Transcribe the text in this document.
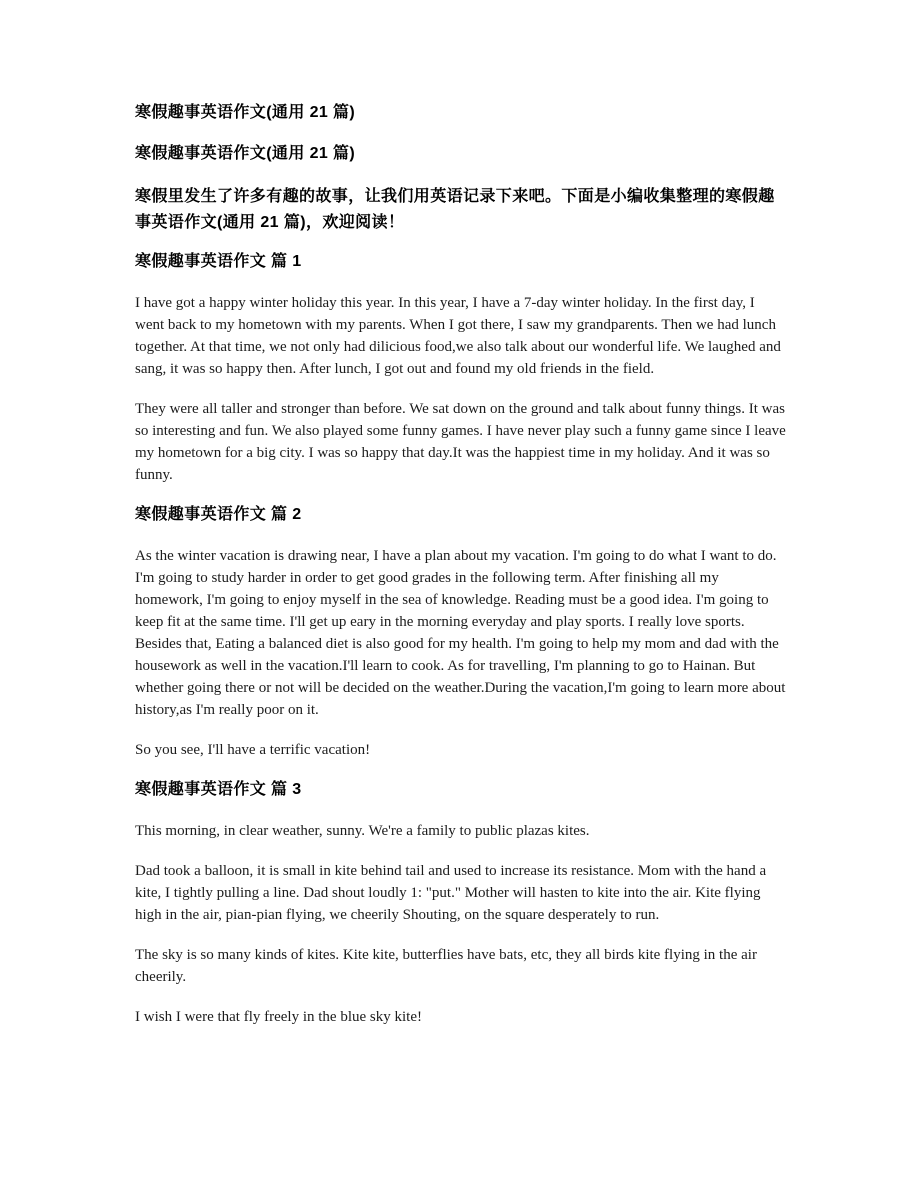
寒假趣事英语作文(通用 21 篇)
寒假趣事英语作文(通用 21 篇)

寒假里发生了许多有趣的故事，让我们用英语记录下来吧。下面是小编收集整理的寒假趣事英语作文(通用 21 篇)，欢迎阅读！

寒假趣事英语作文 篇 1

I have got a happy winter holiday this year. In this year, I have a 7-day winter holiday. In the first day, I went back to my hometown with my parents. When I got there, I saw my grandparents. Then we had lunch together. At that time, we not only had dilicious food,we also talk about our wonderful life. We laughed and sang, it was so happy then. After lunch, I got out and found my old friends in the field.

They were all taller and stronger than before. We sat down on the ground and talk about funny things. It was so interesting and fun. We also played some funny games. I have never play such a funny game since I leave my hometown for a big city. I was so happy that day.It was the happiest time in my holiday. And it was so funny.

寒假趣事英语作文 篇 2

As the winter vacation is drawing near, I have a plan about my vacation. I'm going to do what I want to do. I'm going to study harder in order to get good grades in the following term. After finishing all my homework, I'm going to enjoy myself in the sea of knowledge. Reading must be a good idea. I'm going to keep fit at the same time. I'll get up eary in the morning everyday and play sports. I really love sports. Besides that, Eating a balanced diet is also good for my health. I'm going to help my mom and dad with the housework as well in the vacation.I'll learn to cook. As for travelling, I'm planning to go to Hainan. But whether going there or not will be decided on the weather.During the vacation,I'm going to learn more about history,as I'm really poor on it.

So you see, I'll have a terrific vacation!

寒假趣事英语作文 篇 3

This morning, in clear weather, sunny. We're a family to public plazas kites.

Dad took a balloon, it is small in kite behind tail and used to increase its resistance. Mom with the hand a kite, I tightly pulling a line. Dad shout loudly 1: "put." Mother will hasten to kite into the air. Kite flying high in the air, pian-pian flying, we cheerily Shouting, on the square desperately to run.

The sky is so many kinds of kites. Kite kite, butterflies have bats, etc, they all birds kite flying in the air cheerily.

I wish I were that fly freely in the blue sky kite!
